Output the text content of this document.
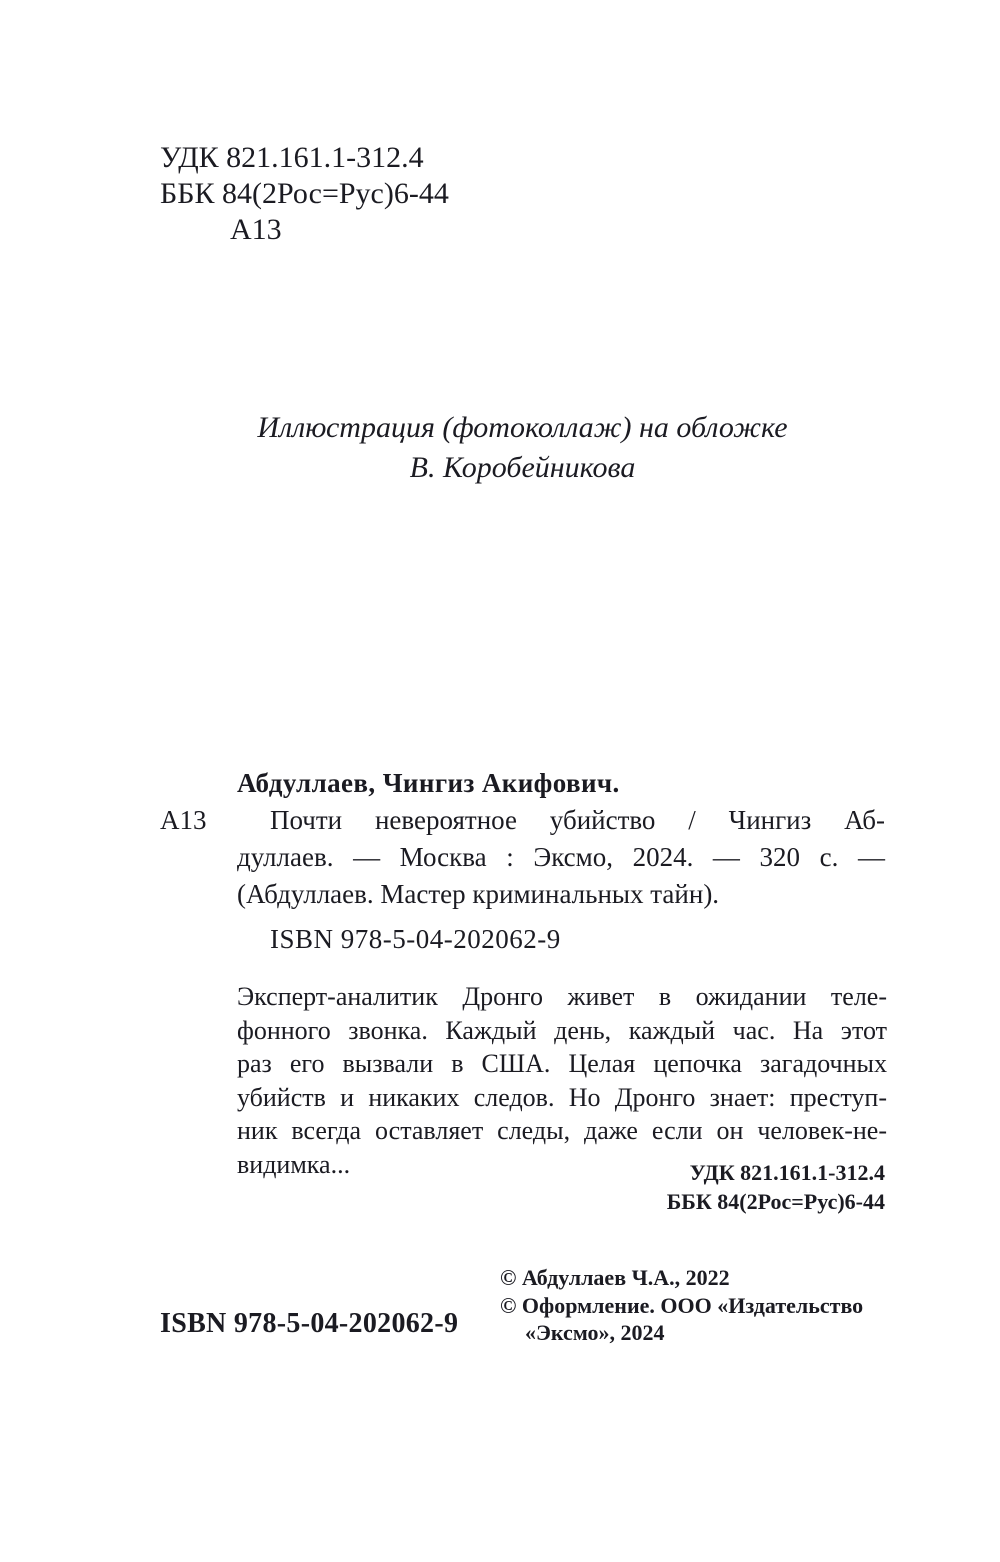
УДК 821.161.1-312.4
ББК 84(2Рос=Рус)6-44
А13
Иллюстрация (фотоколлаж) на обложке
В. Коробейникова
Абдуллаев, Чингиз Акифович.
А13	Почти невероятное убийство / Чингиз Аб-
дуллаев. — Москва : Эксмо, 2024. — 320 с. —
(Абдуллаев. Мастер криминальных тайн).
ISBN 978-5-04-202062-9
Эксперт-аналитик Дронго живет в ожидании теле-
фонного звонка. Каждый день, каждый час. На этот
раз его вызвали в США. Целая цепочка загадочных
убийств и никаких следов. Но Дронго знает: преступ-
ник всегда оставляет следы, даже если он человек-не-
видимка...	УДК 821.161.1-312.4
ББК 84(2Рос=Рус)6-44
© Абдуллаев Ч.А., 2022
© Оформление. ООО «Издательство
«Эксмо», 2024
ISBN 978-5-04-202062-9
